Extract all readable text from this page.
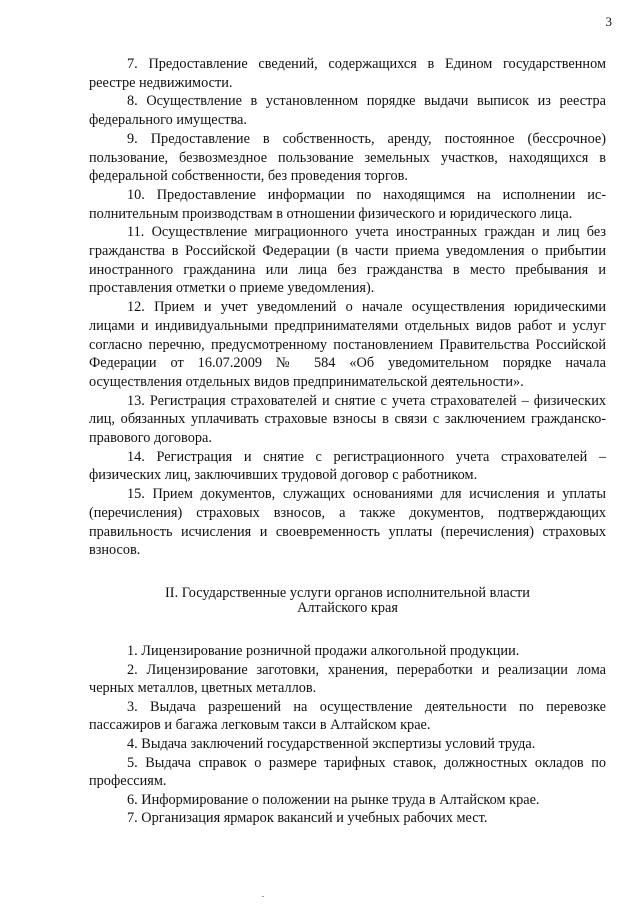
3

7. Предоставление сведений, содержащихся в Едином государственном реестре недвижимости.

8. Осуществление в установленном порядке выдачи выписок из реестра федерального имущества.

9. Предоставление в собственность, аренду, постоянное (бессрочное) пользование, безвозмездное пользование земельных участков, находящихся в федеральной собственности, без проведения торгов.

10. Предоставление информации по находящимся на исполнении исполнительным производствам в отношении физического и юридического лица.

11. Осуществление миграционного учета иностранных граждан и лиц без гражданства в Российской Федерации (в части приема уведомления о прибытии иностранного гражданина или лица без гражданства в место пребывания и проставления отметки о приеме уведомления).

12. Прием и учет уведомлений о начале осуществления юридическими лицами и индивидуальными предпринимателями отдельных видов работ и услуг согласно перечню, предусмотренному постановлением Правительства Российской Федерации от 16.07.2009 № 584 «Об уведомительном порядке начала осуществления отдельных видов предпринимательской деятельности».

13. Регистрация страхователей и снятие с учета страхователей – физических лиц, обязанных уплачивать страховые взносы в связи с заключением гражданско-правового договора.

14. Регистрация и снятие с регистрационного учета страхователей – физических лиц, заключивших трудовой договор с работником.

15. Прием документов, служащих основаниями для исчисления и уплаты (перечисления) страховых взносов, а также документов, подтверждающих правильность исчисления и своевременность уплаты (перечисления) страховых взносов.

II. Государственные услуги органов исполнительной власти Алтайского края

1. Лицензирование розничной продажи алкогольной продукции.

2. Лицензирование заготовки, хранения, переработки и реализации лома черных металлов, цветных металлов.

3. Выдача разрешений на осуществление деятельности по перевозке пассажиров и багажа легковым такси в Алтайском крае.

4. Выдача заключений государственной экспертизы условий труда.

5. Выдача справок о размере тарифных ставок, должностных окладов по профессиям.

6. Информирование о положении на рынке труда в Алтайском крае.

7. Организация ярмарок вакансий и учебных рабочих мест.
